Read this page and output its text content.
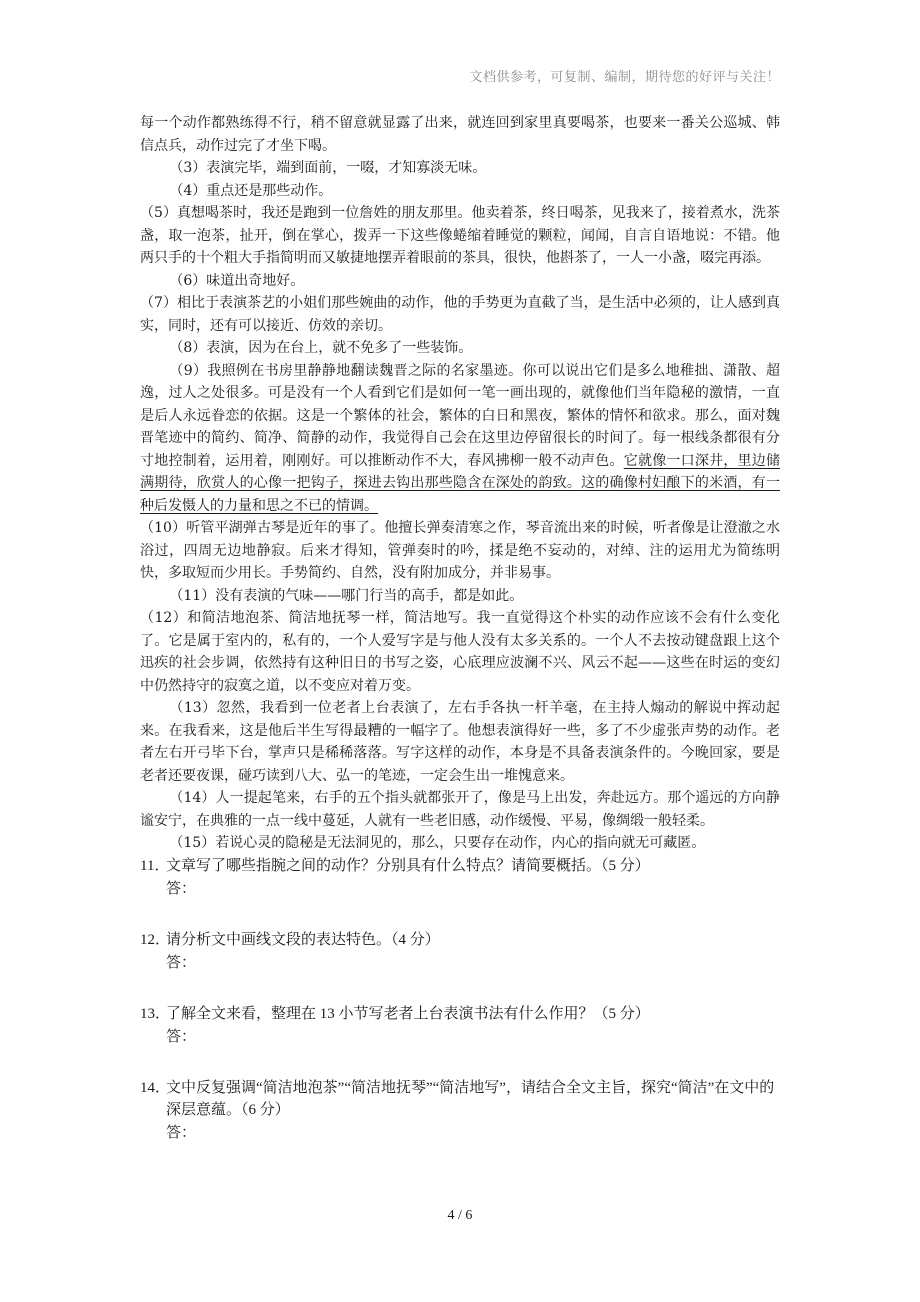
文档供参考，可复制、编制，期待您的好评与关注！

每一个动作都熟练得不行，稍不留意就显露了出来，就连回到家里真要喝茶，也要来一番关公巡城、韩信点兵，动作过完了才坐下喝。

（3）表演完毕，端到面前，一啜，才知寡淡无味。

（4）重点还是那些动作。

（5）真想喝茶时，我还是跑到一位詹姓的朋友那里。他卖着茶，终日喝茶，见我来了，接着煮水，洗茶盏，取一泡茶，扯开，倒在掌心，拨弄一下这些像蜷缩着睡觉的颗粒，闻闻，自言自语地说：不错。他两只手的十个粗大手指简明而又敏捷地摆弄着眼前的茶具，很快，他斟茶了，一人一小盏，啜完再添。

（6）味道出奇地好。

（7）相比于表演茶艺的小姐们那些婉曲的动作，他的手势更为直截了当，是生活中必须的，让人感到真实，同时，还有可以接近、仿效的亲切。

（8）表演，因为在台上，就不免多了一些装饰。

（9）我照例在书房里静静地翻读魏晋之际的名家墨迹。你可以说出它们是多么地稚拙、潇散、超逸，过人之处很多。可是没有一个人看到它们是如何一笔一画出现的，就像他们当年隐秘的激情，一直是后人永远眷恋的依据。这是一个繁体的社会，繁体的白日和黑夜，繁体的情怀和欲求。那么，面对魏晋笔迹中的简约、简净、简静的动作，我觉得自己会在这里边停留很长的时间了。每一根线条都很有分寸地控制着，运用着，刚刚好。可以推断动作不大，春风拂柳一般不动声色。它就像一口深井，里边储满期待，欣赏人的心像一把钩子，探进去钩出那些隐含在深处的韵致。这的确像村妇酿下的米酒，有一种后发慑人的力量和思之不已的情调。

（10）听管平湖弹古琴是近年的事了。他擅长弹奏清寒之作，琴音流出来的时候，听者像是让澄澈之水浴过，四周无边地静寂。后来才得知，管弹奏时的吟，揉是绝不妄动的，对绰、注的运用尤为简练明快，多取短而少用长。手势简约、自然，没有附加成分，并非易事。

（11）没有表演的气味——哪门行当的高手，都是如此。

（12）和简洁地泡茶、简洁地抚琴一样，简洁地写。我一直觉得这个朴实的动作应该不会有什么变化了。它是属于室内的，私有的，一个人爱写字是与他人没有太多关系的。一个人不去按动键盘跟上这个迅疾的社会步调，依然持有这种旧日的书写之姿，心底理应波澜不兴、风云不起——这些在时运的变幻中仍然持守的寂寞之道，以不变应对着万变。

（13）忽然，我看到一位老者上台表演了，左右手各执一杆羊毫，在主持人煽动的解说中挥动起来。在我看来，这是他后半生写得最糟的一幅字了。他想表演得好一些，多了不少虚张声势的动作。老者左右开弓毕下台，掌声只是稀稀落落。写字这样的动作，本身是不具备表演条件的。今晚回家，要是老者还要夜课，碰巧读到八大、弘一的笔迹，一定会生出一堆愧意来。

（14）人一提起笔来，右手的五个指头就都张开了，像是马上出发，奔赴远方。那个遥远的方向静谧安宁，在典雅的一点一线中蔓延，人就有一些老旧感，动作缓慢、平易，像绸缎一般轻柔。

（15）若说心灵的隐秘是无法洞见的，那么，只要存在动作，内心的指向就无可藏匿。

11．
文章写了哪些指腕之间的动作？分别具有什么特点？请简要概括。（5 分）
答：
12．
请分析文中画线文段的表达特色。（4 分）
答：
13．
了解全文来看，整理在 13 小节写老者上台表演书法有什么作用？（5 分）
答：
14．
文中反复强调“简洁地泡茶”“简洁地抚琴”“简洁地写”，请结合全文主旨，探究“简洁”在文中的深层意蕴。（6 分）
答：
4 / 6
